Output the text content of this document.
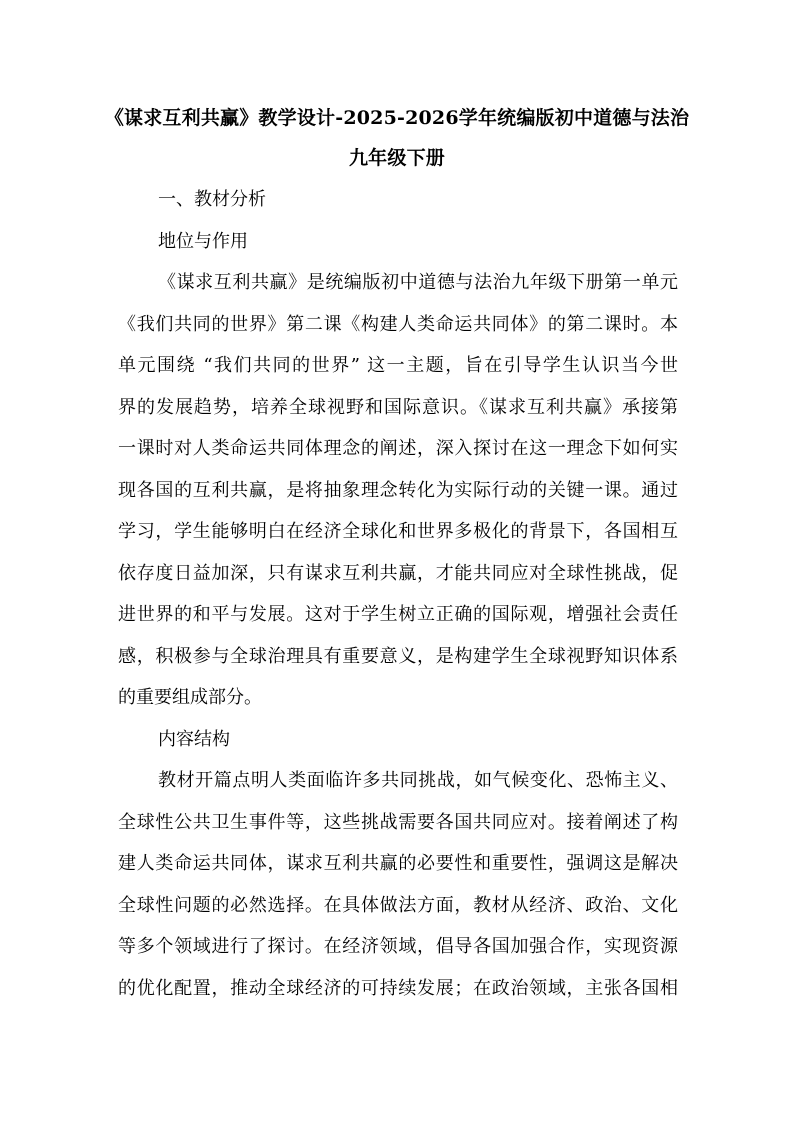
《谋求互利共赢》教学设计-2025-2026学年统编版初中道德与法治
九年级下册
一、教材分析
地位与作用
《谋求互利共赢》是统编版初中道德与法治九年级下册第一单元
《我们共同的世界》第二课《构建人类命运共同体》的第二课时。本
单元围绕 “我们共同的世界” 这一主题，旨在引导学生认识当今世
界的发展趋势，培养全球视野和国际意识。《谋求互利共赢》承接第
一课时对人类命运共同体理念的阐述，深入探讨在这一理念下如何实
现各国的互利共赢，是将抽象理念转化为实际行动的关键一课。通过
学习，学生能够明白在经济全球化和世界多极化的背景下，各国相互
依存度日益加深，只有谋求互利共赢，才能共同应对全球性挑战，促
进世界的和平与发展。这对于学生树立正确的国际观，增强社会责任
感，积极参与全球治理具有重要意义，是构建学生全球视野知识体系
的重要组成部分。
内容结构
教材开篇点明人类面临许多共同挑战，如气候变化、恐怖主义、
全球性公共卫生事件等，这些挑战需要各国共同应对。接着阐述了构
建人类命运共同体，谋求互利共赢的必要性和重要性，强调这是解决
全球性问题的必然选择。在具体做法方面，教材从经济、政治、文化
等多个领域进行了探讨。在经济领域，倡导各国加强合作，实现资源
的优化配置，推动全球经济的可持续发展；在政治领域，主张各国相
